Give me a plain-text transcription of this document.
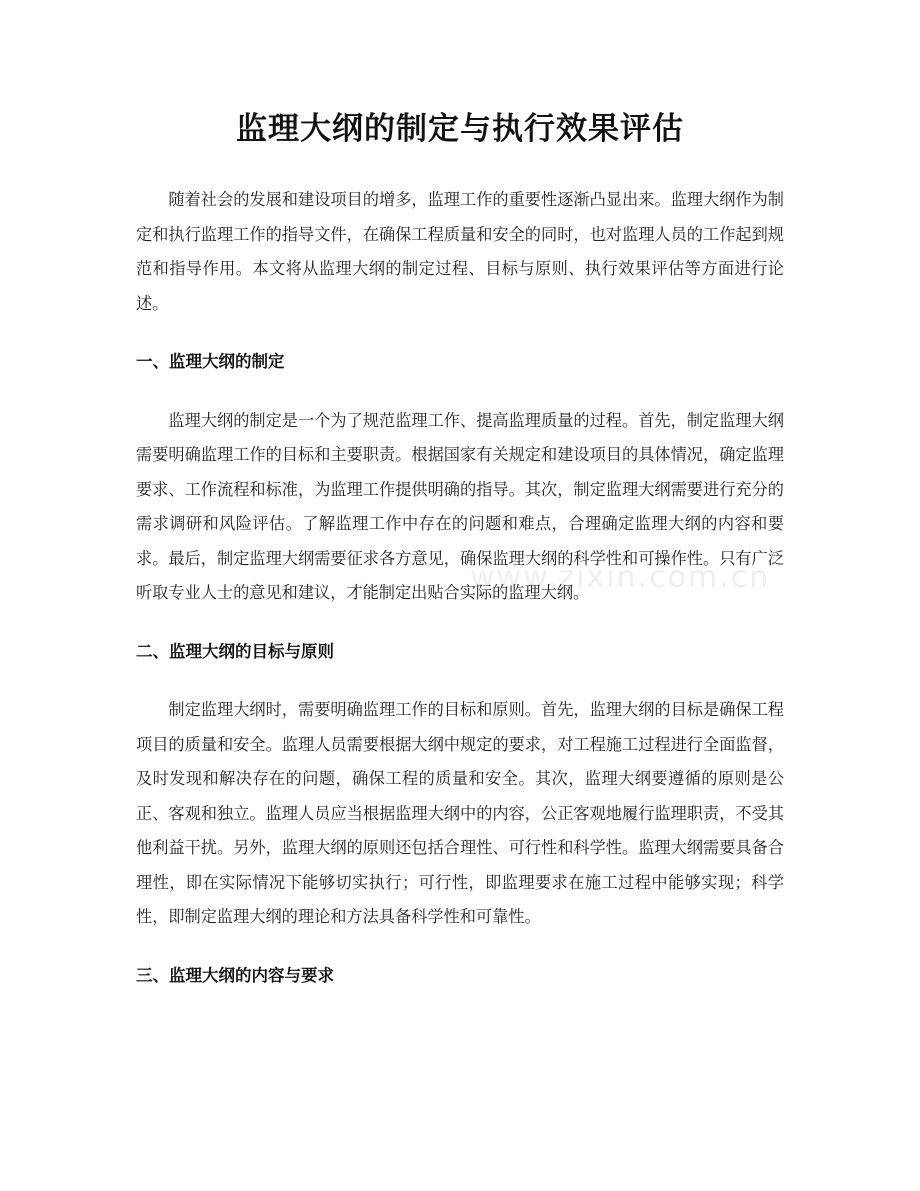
监理大纲的制定与执行效果评估

随着社会的发展和建设项目的增多，监理工作的重要性逐渐凸显出来。监理大纲作为制定和执行监理工作的指导文件，在确保工程质量和安全的同时，也对监理人员的工作起到规范和指导作用。本文将从监理大纲的制定过程、目标与原则、执行效果评估等方面进行论述。

一、监理大纲的制定

监理大纲的制定是一个为了规范监理工作、提高监理质量的过程。首先，制定监理大纲需要明确监理工作的目标和主要职责。根据国家有关规定和建设项目的具体情况，确定监理要求、工作流程和标准，为监理工作提供明确的指导。其次，制定监理大纲需要进行充分的需求调研和风险评估。了解监理工作中存在的问题和难点，合理确定监理大纲的内容和要求。最后，制定监理大纲需要征求各方意见，确保监理大纲的科学性和可操作性。只有广泛听取专业人士的意见和建议，才能制定出贴合实际的监理大纲。

二、监理大纲的目标与原则

制定监理大纲时，需要明确监理工作的目标和原则。首先，监理大纲的目标是确保工程项目的质量和安全。监理人员需要根据大纲中规定的要求，对工程施工过程进行全面监督，及时发现和解决存在的问题，确保工程的质量和安全。其次，监理大纲要遵循的原则是公正、客观和独立。监理人员应当根据监理大纲中的内容，公正客观地履行监理职责，不受其他利益干扰。另外，监理大纲的原则还包括合理性、可行性和科学性。监理大纲需要具备合理性，即在实际情况下能够切实执行；可行性，即监理要求在施工过程中能够实现；科学性，即制定监理大纲的理论和方法具备科学性和可靠性。

三、监理大纲的内容与要求
www.zixin.com.cn
